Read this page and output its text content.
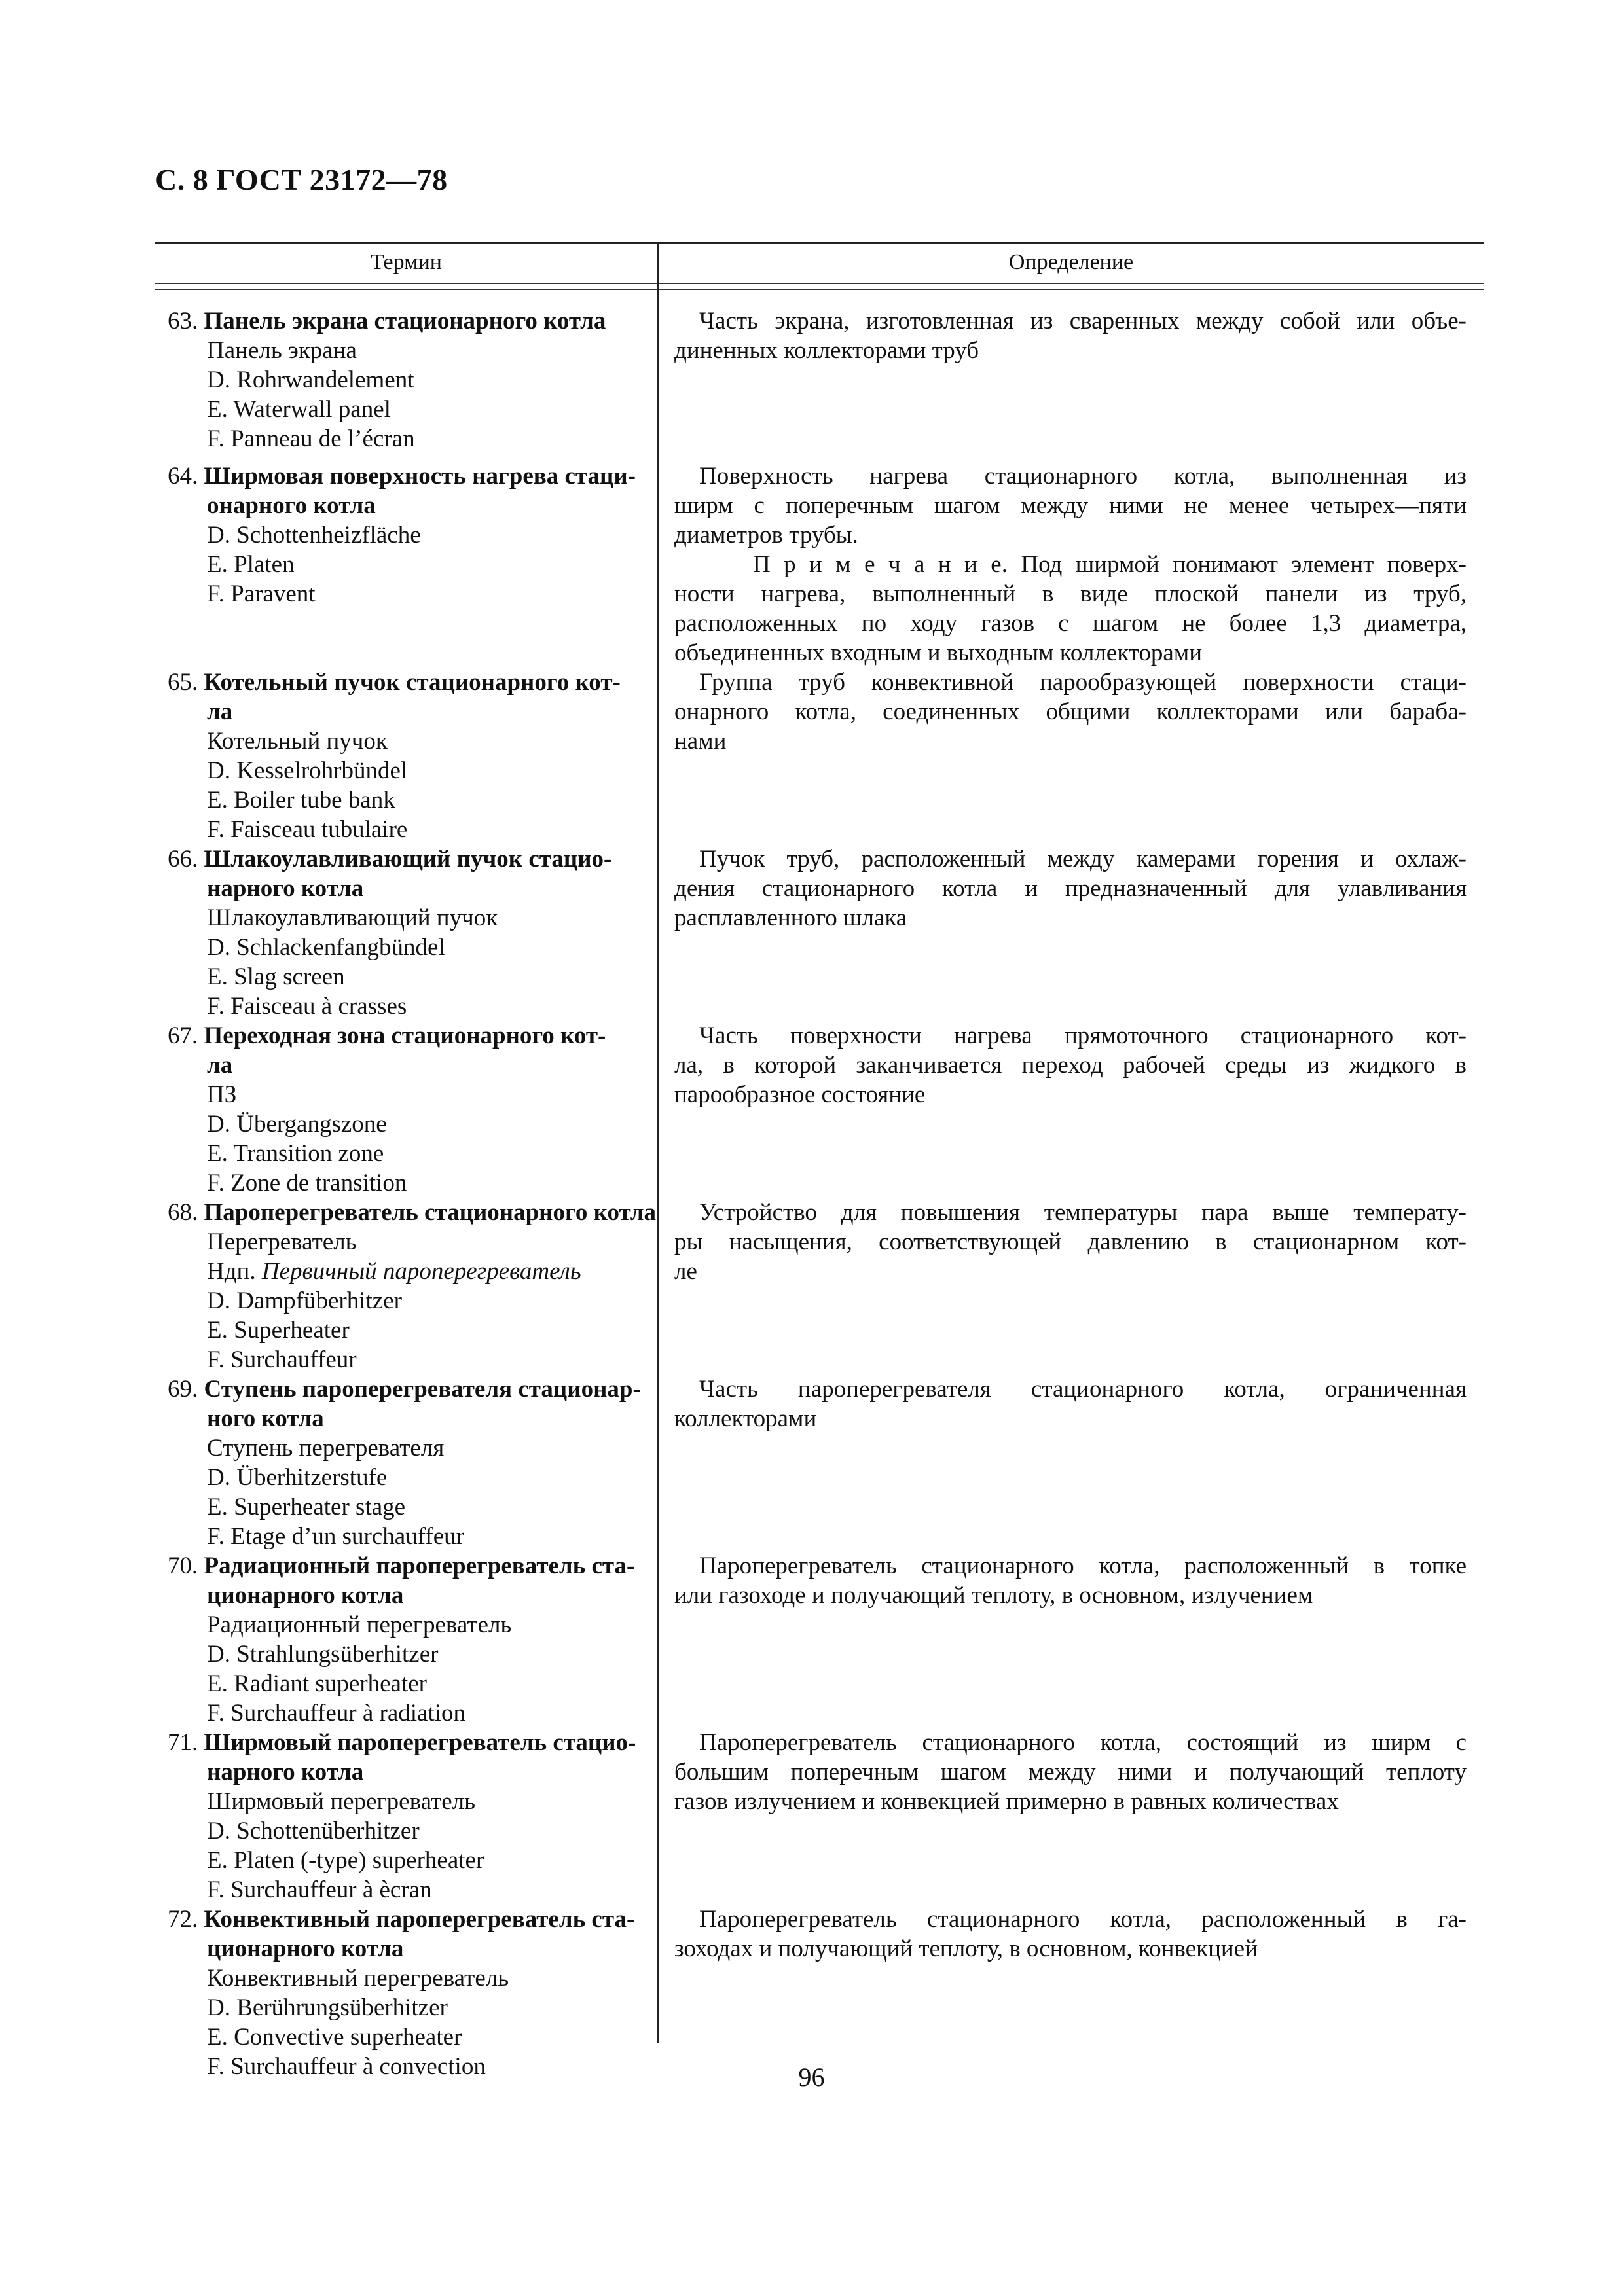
С. 8 ГОСТ 23172—78
Термин	Определение
63. Панель экрана стационарного котла
Панель экрана
D. Rohrwandelement
E. Waterwall panel
F. Panneau de l’écran
Часть экрана, изготовленная из сваренных между собой или объе-
диненных коллекторами труб
64. Ширмовая поверхность нагрева стаци-
онарного котла
D. Schottenheizfläche
E. Platen
F. Paravent
Поверхность нагрева стационарного котла, выполненная из
ширм с поперечным шагом между ними не менее четырех—пяти
диаметров трубы.
П р и м е ч а н и е. Под ширмой понимают элемент поверх-
ности нагрева, выполненный в виде плоской панели из труб,
расположенных по ходу газов с шагом не более 1,3 диаметра,
объединенных входным и выходным коллекторами
65. Котельный пучок стационарного кот-
ла
Котельный пучок
D. Kesselrohrbündel
E. Boiler tube bank
F. Faisceau tubulaire
Группа труб конвективной парообразующей поверхности стаци-
онарного котла, соединенных общими коллекторами или бараба-
нами
66. Шлакоулавливающий пучок стацио-
нарного котла
Шлакоулавливающий пучок
D. Schlackenfangbündel
E. Slag screen
F. Faisceau à crasses
Пучок труб, расположенный между камерами горения и охлаж-
дения стационарного котла и предназначенный для улавливания
расплавленного шлака
67. Переходная зона стационарного кот-
ла
ПЗ
D. Übergangszone
E. Transition zone
F. Zone de transition
Часть поверхности нагрева прямоточного стационарного кот-
ла, в которой заканчивается переход рабочей среды из жидкого в
парообразное состояние
68. Пароперегреватель стационарного котла
Перегреватель
Ндп. Первичный пароперегреватель
D. Dampfüberhitzer
E. Superheater
F. Surchauffeur
Устройство для повышения температуры пара выше температу-
ры насыщения, соответствующей давлению в стационарном кот-
ле
69. Ступень пароперегревателя стационар-
ного котла
Ступень перегревателя
D. Überhitzerstufe
E. Superheater stage
F. Etage d’un surchauffeur
Часть пароперегревателя стационарного котла, ограниченная
коллекторами
70. Радиационный пароперегреватель ста-
ционарного котла
Радиационный перегреватель
D. Strahlungsüberhitzer
E. Radiant superheater
F. Surchauffeur à radiation
Пароперегреватель стационарного котла, расположенный в топке
или газоходе и получающий теплоту, в основном, излучением
71. Ширмовый пароперегреватель стацио-
нарного котла
Ширмовый перегреватель
D. Schottenüberhitzer
E. Platen (-type) superheater
F. Surchauffeur à ècran
Пароперегреватель стационарного котла, состоящий из ширм с
большим поперечным шагом между ними и получающий теплоту
газов излучением и конвекцией примерно в равных количествах
72. Конвективный пароперегреватель ста-
ционарного котла
Конвективный перегреватель
D. Berührungsüberhitzer
E. Convective superheater
F. Surchauffeur à convection
Пароперегреватель стационарного котла, расположенный в га-
зоходах и получающий теплоту, в основном, конвекцией
96
